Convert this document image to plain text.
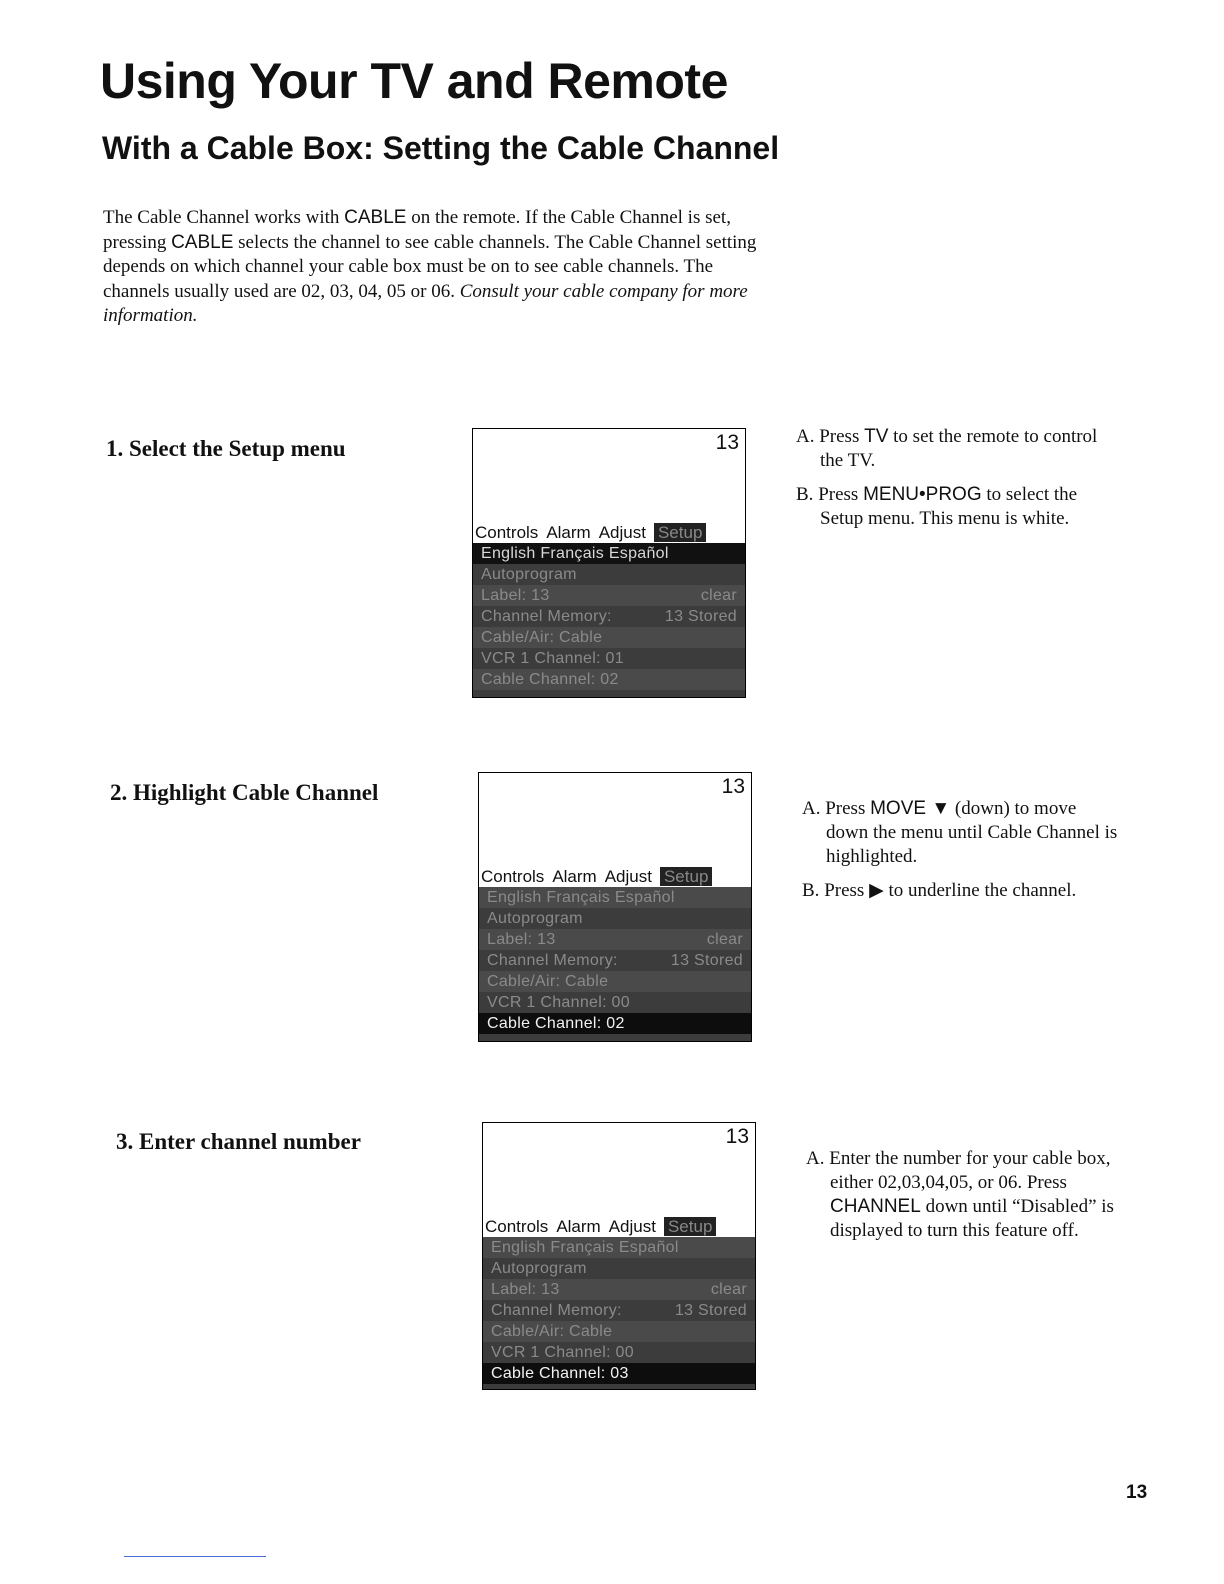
Using Your TV and Remote
With a Cable Box: Setting the Cable Channel

The Cable Channel works with CABLE on the remote. If the Cable Channel is set, pressing CABLE selects the channel to see cable channels. The Cable Channel setting depends on which channel your cable box must be on to see cable channels. The channels usually used are 02, 03, 04, 05 or 06. Consult your cable company for more information.

1. Select the Setup menu	13
Controls Alarm Adjust Setup
English Français Español
Autoprogram
Label: 13	clear
Channel Memory:	13 Stored
Cable/Air: Cable
VCR 1 Channel: 01
Cable Channel: 02
A. Press TV to set the remote to control the TV.
B. Press MENU•PROG to select the Setup menu. This menu is white.
2. Highlight Cable Channel	13
Controls Alarm Adjust Setup
English Français Español
Autoprogram
Label: 13	clear
Channel Memory:	13 Stored
Cable/Air: Cable
VCR 1 Channel: 00
Cable Channel: 02
A. Press MOVE ▼ (down) to move down the menu until Cable Channel is highlighted.
B. Press ▶ to underline the channel.
3. Enter channel number	13
Controls Alarm Adjust Setup
English Français Español
Autoprogram
Label: 13	clear
Channel Memory:	13 Stored
Cable/Air: Cable
VCR 1 Channel: 00
Cable Channel: 03
A. Enter the number for your cable box, either 02,03,04,05, or 06. Press CHANNEL down until “Disabled” is displayed to turn this feature off.
13
